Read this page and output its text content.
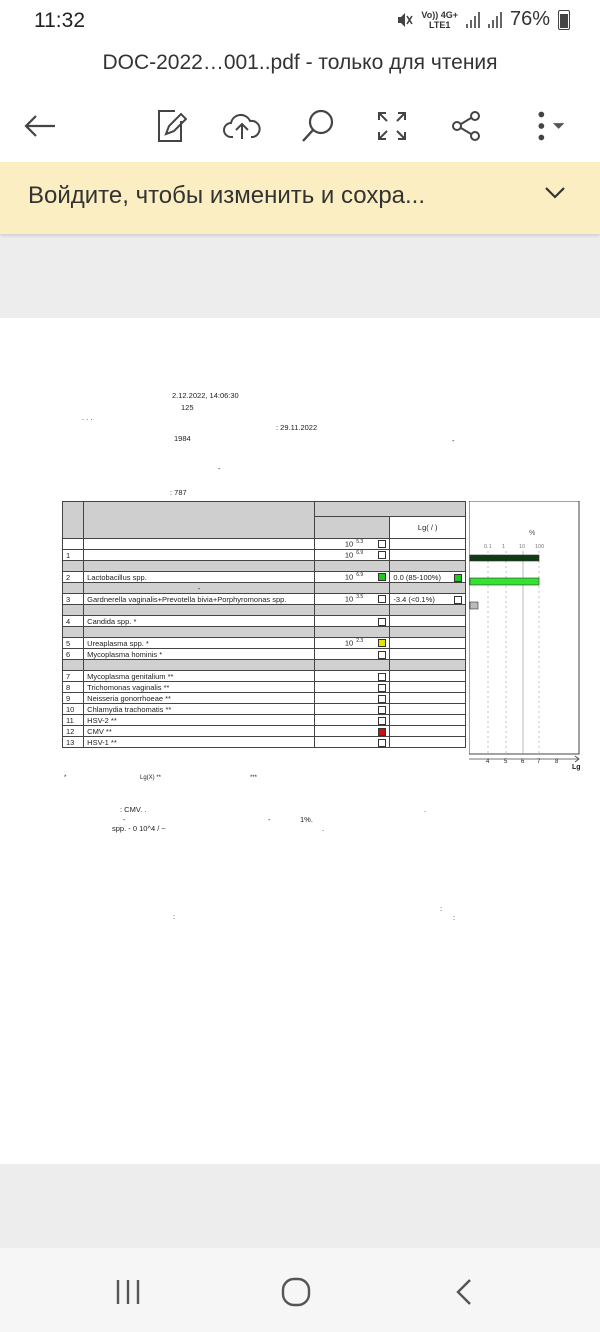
11:32	Vo)) 4G+
LTE1	76%
DOC-2022…001..pdf - только для чтения
Войдите, чтобы изменить и сохра...
2.12.2022, 14:06:30
125
. . .
: 29.11.2022
1984	-
-
: 787

			Lg( / )
		10 $^{5.3}$

1		10 $^{6.9}$

2	Lactobacillus spp.	10 $^{6.9}$	0.0 (85-100%)

	-		
3	Gardnerella vaginalis+Prevotella bivia+Porphyromonas spp.	10 $^{3.5}$	-3.4 (<0.1%)

4	Candida spp. *	

5	Ureaplasma spp. *	10 $^{2.3}$

6	Mycoplasma hominis *	

7	Mycoplasma genitalium **	

8	Trichomonas vaginalis **	

9	Neisseria gonorrhoeae **	

10	Chlamydia trachomatis **	

11	HSV-2 **	

12	CMV **	

13	HSV-1 **	

%
0.1 1	10 100
4 5 6 7 8
Lg
*	Lg(X) **	***
: CMV. .	.
-	-	1%.
spp. - 0 10^4 / ~	.
:
:	:
